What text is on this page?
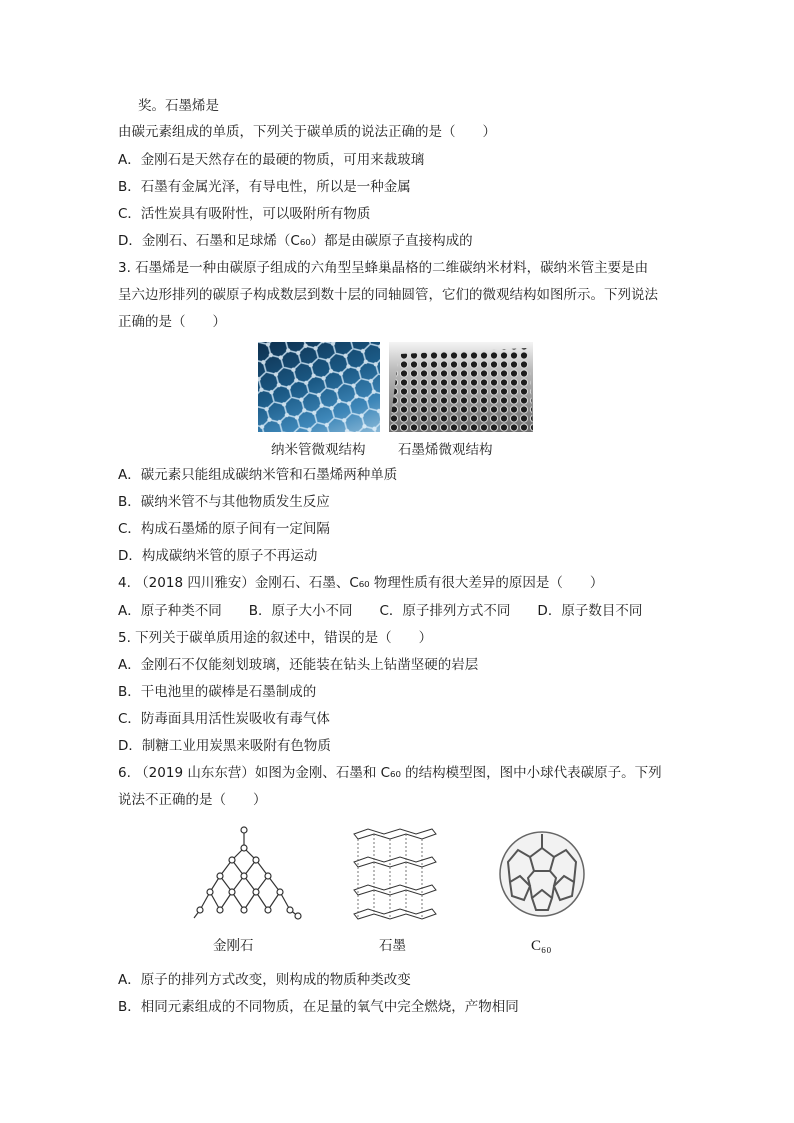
奖。石墨烯是
由碳元素组成的单质，下列关于碳单质的说法正确的是（　　）
A．金刚石是天然存在的最硬的物质，可用来裁玻璃
B．石墨有金属光泽，有导电性，所以是一种金属
C．活性炭具有吸附性，可以吸附所有物质
D．金刚石、石墨和足球烯（C₆₀）都是由碳原子直接构成的
3. 石墨烯是一种由碳原子组成的六角型呈蜂巢晶格的二维碳纳米材料，碳纳米管主要是由
呈六边形排列的碳原子构成数层到数十层的同轴圆管，它们的微观结构如图所示。下列说法
正确的是（　　）
纳米管微观结构 石墨烯微观结构
A．碳元素只能组成碳纳米管和石墨烯两种单质
B．碳纳米管不与其他物质发生反应
C．构成石墨烯的原子间有一定间隔
D．构成碳纳米管的原子不再运动
4. （2018 四川雅安）金刚石、石墨、C₆₀ 物理性质有很大差异的原因是（　　）
A．原子种类不同　　B．原子大小不同　　C．原子排列方式不同　　D．原子数目不同
5. 下列关于碳单质用途的叙述中，错误的是（　　）
A．金刚石不仅能刻划玻璃，还能装在钻头上钻凿坚硬的岩层
B．干电池里的碳棒是石墨制成的
C．防毒面具用活性炭吸收有毒气体
D．制糖工业用炭黑来吸附有色物质
6. （2019 山东东营）如图为金刚、石墨和 C₆₀ 的结构模型图，图中小球代表碳原子。下列
说法不正确的是（　　）
金刚石	石墨	C₆₀
A．原子的排列方式改变，则构成的物质种类改变
B．相同元素组成的不同物质，在足量的氧气中完全燃烧，产物相同
